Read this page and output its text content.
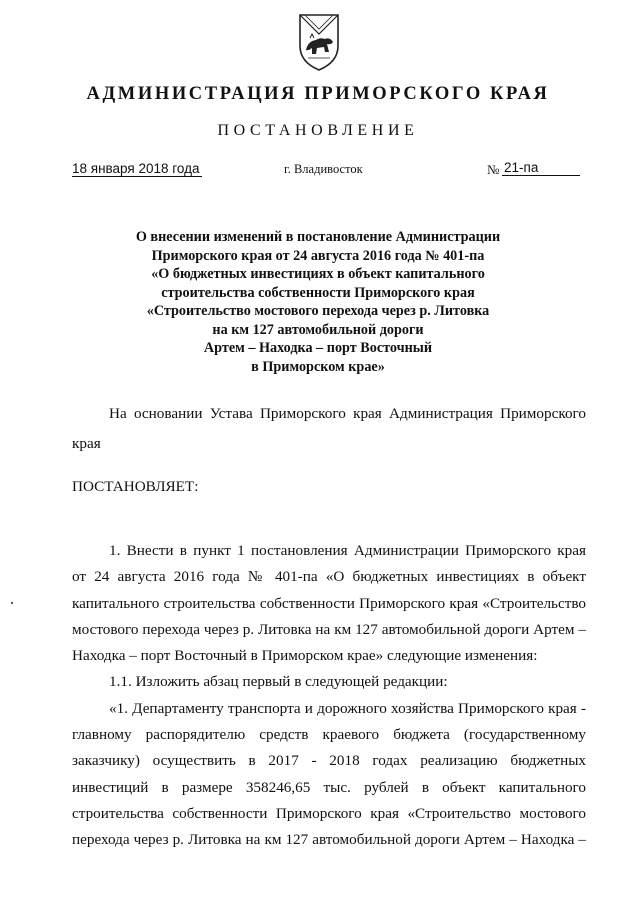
АДМИНИСТРАЦИЯ ПРИМОРСКОГО КРАЯ
ПОСТАНОВЛЕНИЕ
18 января 2018 года	г. Владивосток	№ 21-па
О внесении изменений в постановление Администрации
Приморского края от 24 августа 2016 года № 401-па
«О бюджетных инвестициях в объект капитального
строительства собственности Приморского края
«Строительство мостового перехода через р. Литовка
на км 127 автомобильной дороги
Артем – Находка – порт Восточный
в Приморском крае»
На основании Устава Приморского края Администрация Приморского
края
ПОСТАНОВЛЯЕТ:
1. Внести в пункт 1 постановления Администрации Приморского края
от 24 августа 2016 года № 401-па «О бюджетных инвестициях в объект
капитального строительства собственности Приморского края «Строительство
мостового перехода через р. Литовка на км 127 автомобильной дороги Артем –
Находка – порт Восточный в Приморском крае» следующие изменения:
1.1. Изложить абзац первый в следующей редакции:
«1. Департаменту транспорта и дорожного хозяйства Приморского края -
главному распорядителю средств краевого бюджета (государственному
заказчику) осуществить в 2017 - 2018 годах реализацию бюджетных
инвестиций в размере 358246,65 тыс. рублей в объект капитального
строительства собственности Приморского края «Строительство мостового
перехода через р. Литовка на км 127 автомобильной дороги Артем – Находка –
